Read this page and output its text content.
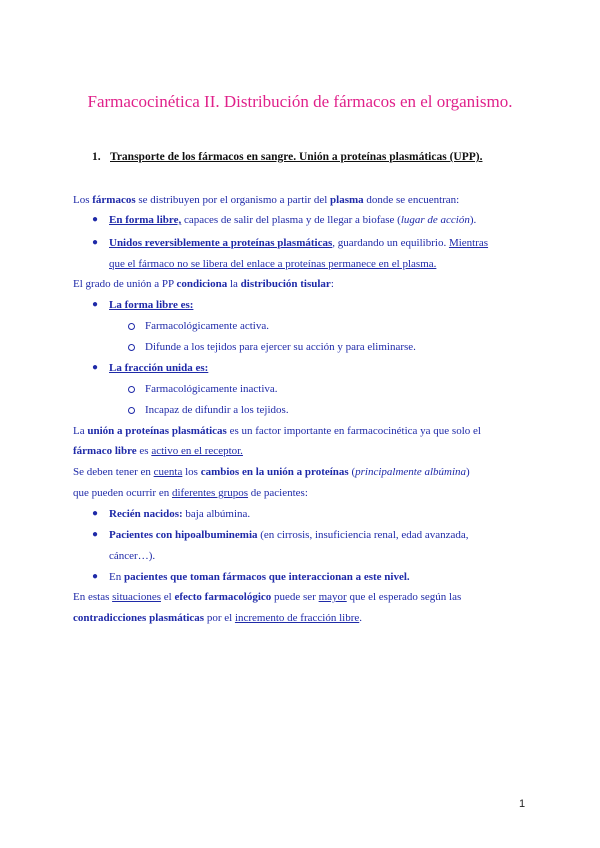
Farmacocinética II. Distribución de fármacos en el organismo.
1. Transporte de los fármacos en sangre. Unión a proteínas plasmáticas (UPP).
Los fármacos se distribuyen por el organismo a partir del plasma donde se encuentran:
● En forma libre, capaces de salir del plasma y de llegar a biofase (lugar de acción).
● Unidos reversiblemente a proteínas plasmáticas, guardando un equilibrio. Mientras
que el fármaco no se libera del enlace a proteínas permanece en el plasma.
El grado de unión a PP condiciona la distribución tisular:
● La forma libre es:
Farmacológicamente activa.
Difunde a los tejidos para ejercer su acción y para eliminarse.
● La fracción unida es:
Farmacológicamente inactiva.
Incapaz de difundir a los tejidos.
La unión a proteínas plasmáticas es un factor importante en farmacocinética ya que solo el
fármaco libre es activo en el receptor.
Se deben tener en cuenta los cambios en la unión a proteínas (principalmente albúmina)
que pueden ocurrir en diferentes grupos de pacientes:
● Recién nacidos: baja albúmina.
● Pacientes con hipoalbuminemia (en cirrosis, insuficiencia renal, edad avanzada,
cáncer…).
● En pacientes que toman fármacos que interaccionan a este nivel.
En estas situaciones el efecto farmacológico puede ser mayor que el esperado según las
contradicciones plasmáticas por el incremento de fracción libre.
1
